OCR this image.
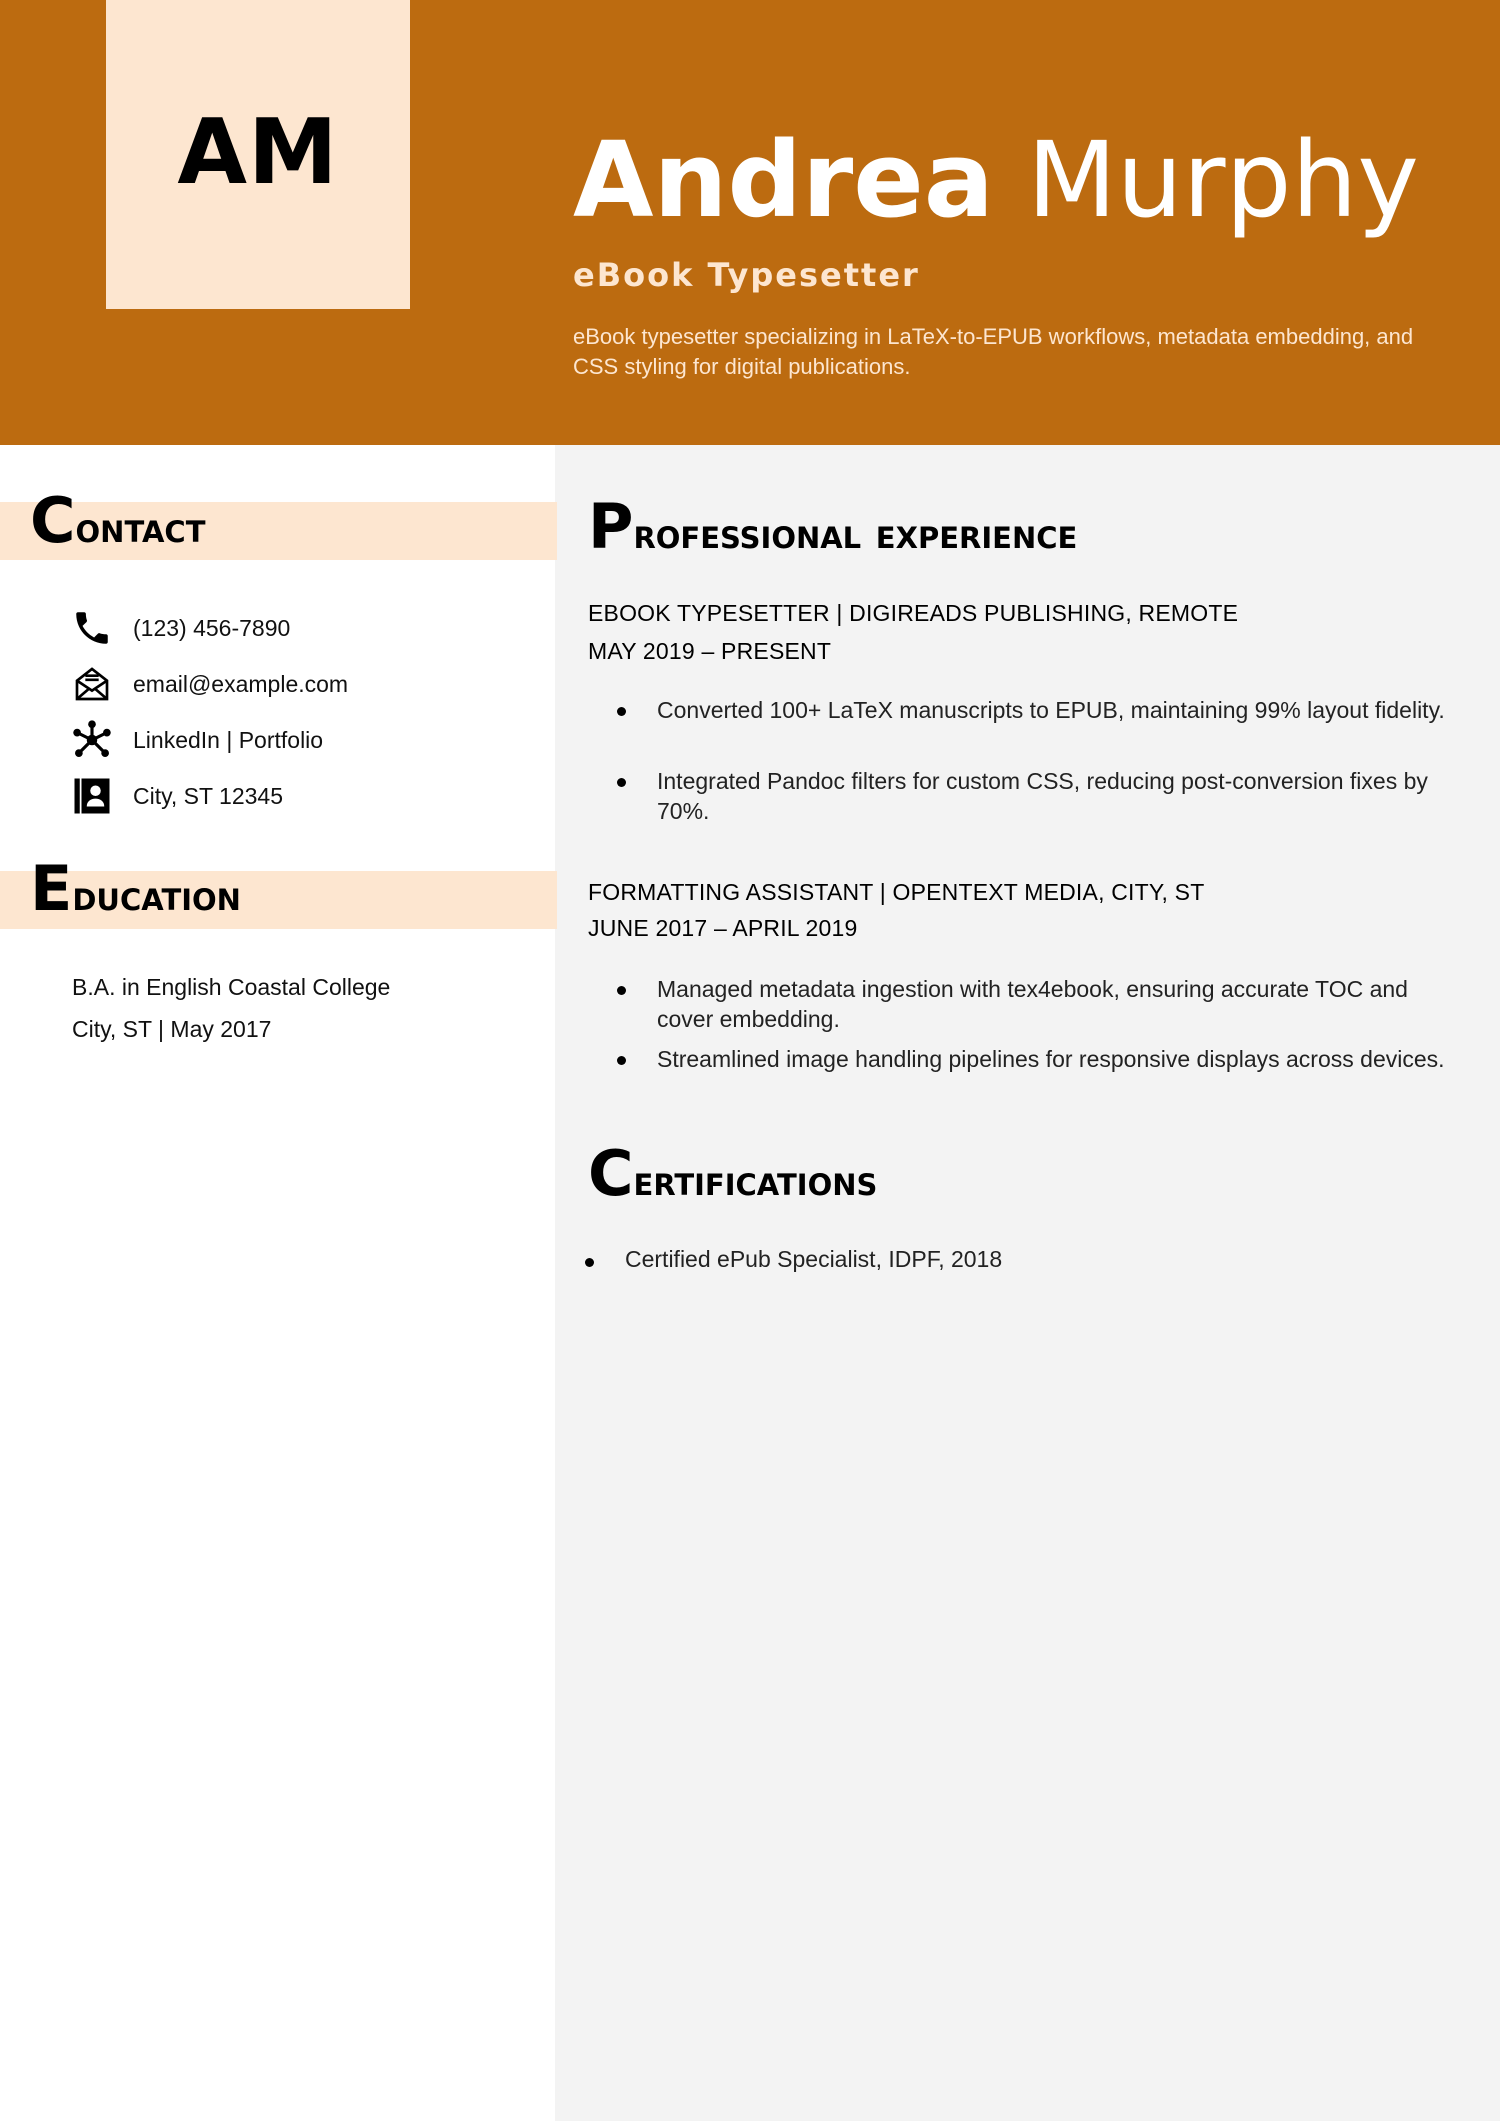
AM Andrea Murphy
eBook Typesetter
eBook typesetter specializing in LaTeX-to-EPUB workflows, metadata embedding, and CSS styling for digital publications.
Contact
(123) 456-7890
email@example.com
LinkedIn | Portfolio
City, ST 12345
Education
B.A. in English Coastal College
City, ST | May 2017
Professional experience
EBOOK TYPESETTER | DIGIREADS PUBLISHING, REMOTE
MAY 2019 – PRESENT
Converted 100+ LaTeX manuscripts to EPUB, maintaining 99% layout fidelity.
Integrated Pandoc filters for custom CSS, reducing post-conversion fixes by 70%.
FORMATTING ASSISTANT | OPENTEXT MEDIA, CITY, ST
JUNE 2017 – APRIL 2019
Managed metadata ingestion with tex4ebook, ensuring accurate TOC and cover embedding.
Streamlined image handling pipelines for responsive displays across devices.
Certifications
Certified ePub Specialist, IDPF, 2018
